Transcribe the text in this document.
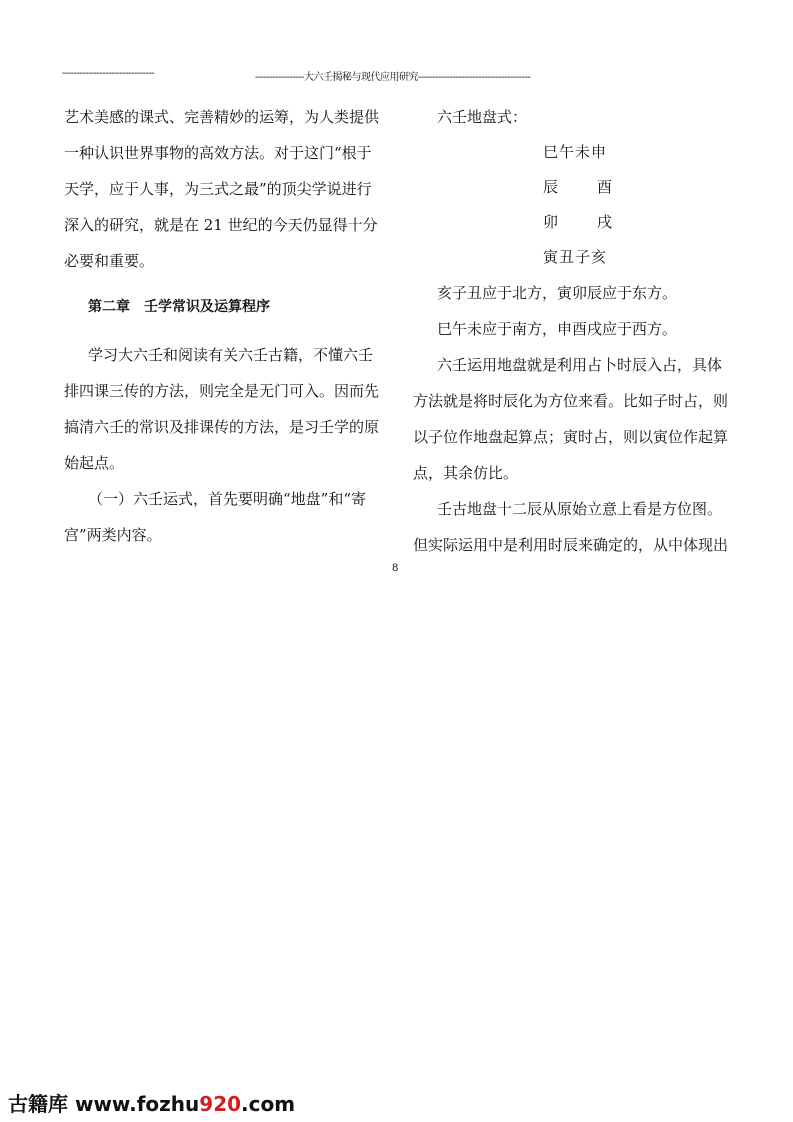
--------------------------------	-----------------大六壬揭秘与现代应用研究---------------------------------------
艺术美感的课式、完善精妙的运筹，为人类提供
一种认识世界事物的高效方法。对于这门“根于
天学，应于人事，为三式之最”的顶尖学说进行
深入的研究，就是在 21 世纪的今天仍显得十分
必要和重要。
第二章　壬学常识及运算程序
学习大六壬和阅读有关六壬古籍，不懂六壬
排四课三传的方法，则完全是无门可入。因而先
搞清六壬的常识及排课传的方法，是习壬学的原
始起点。
（一）六壬运式，首先要明确“地盘”和“寄
宫”两类内容。
六壬地盘式：
巳午未申
辰	酉
卯	戌
寅丑子亥
亥子丑应于北方，寅卯辰应于东方。
巳午未应于南方，申酉戌应于西方。
六壬运用地盘就是利用占卜时辰入占，具体
方法就是将时辰化为方位来看。比如子时占，则
以子位作地盘起算点；寅时占，则以寅位作起算
点，其余仿比。
壬古地盘十二辰从原始立意上看是方位图。
但实际运用中是利用时辰来确定的，从中体现出
8
古籍库 www.fozhu920.com
